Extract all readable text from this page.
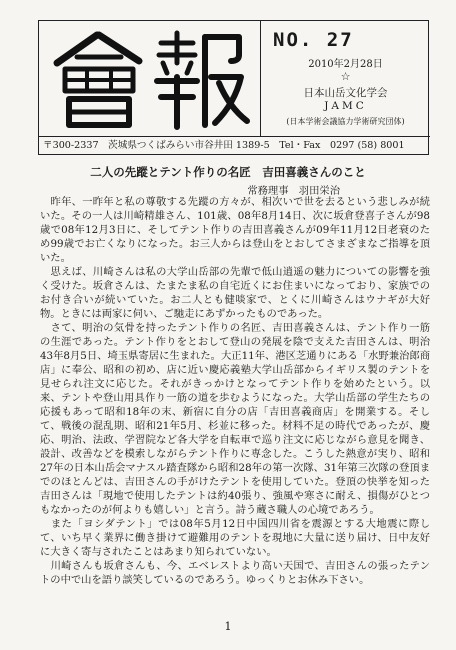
NO. 27
2010年2月28日
☆
日本山岳文化学会
JAMC
(日本学術会議協力学術研究団体)
〒300-2337　茨城県つくばみらい市谷井田 1389-5　Tel・Fax　0297 (58) 8001
二人の先蹤とテント作りの名匠　吉田喜義さんのこと
常務理事　羽田栄治

　昨年、一昨年と私の尊敬する先蹤の方々が、相次いで世を去るという悲しみが続いた。その一人は川崎精雄さん、101歳、08年8月14日、次に坂倉登喜子さんが98歳で08年12月3日に、そしてテント作りの吉田喜義さんが09年11月12日老衰のため99歳でお亡くなりになった。お三人からは登山をとおしてさまざまなご指導を頂いた。

　思えば、川崎さんは私の大学山岳部の先輩で低山逍遥の魅力についての影響を強く受けた。坂倉さんは、たまたま私の自宅近くにお住まいになっており、家族でのお付き合いが続いていた。お二人とも健啖家で、とくに川崎さんはウナギが大好物。ときには両家に伺い、ご馳走にあずかったものであった。

　さて、明治の気骨を持ったテント作りの名匠、吉田喜義さんは、テント作り一筋の生涯であった。テント作りをとおして登山の発展を陰で支えた吉田さんは、明治43年8月5日、埼玉県寄居に生まれた。大正11年、港区芝通りにある「水野兼治郎商店」に奉公、昭和の初め、店に近い慶応義塾大学山岳部からイギリス製のテントを見せられ注文に応じた。それがきっかけとなってテント作りを始めたという。以来、テントや登山用具作り一筋の道を歩むようになった。大学山岳部の学生たちの応援もあって昭和18年の末、新宿に自分の店「吉田喜義商店」を開業する。そして、戦後の混乱期、昭和21年5月、杉並に移った。材料不足の時代であったが、慶応、明治、法政、学習院など各大学を自転車で巡り注文に応じながら意見を聞き、設計、改善などを模索しながらテント作りに専念した。こうした熱意が実り、昭和27年の日本山岳会マナスル踏査隊から昭和28年の第一次隊、31年第三次隊の登頂までのほとんどは、吉田さんの手がけたテントを使用していた。登頂の快挙を知った吉田さんは「現地で使用したテントは約40張り、強風や寒さに耐え、損傷がひとつもなかったのが何よりも嬉しい」と言う。詩う蔵さ職人の心境であろう。

　また「ヨシダテント」では08年5月12日中国四川省を震源とする大地震に際して、いち早く業界に働き掛けて避難用のテントを現地に大量に送り届け、日中友好に大きく寄与されたことはあまり知られていない。

　川崎さんも坂倉さんも、今、エベレストより高い天国で、吉田さんの張ったテントの中で山を語り談笑しているのであろう。ゆっくりとお休み下さい。

1
